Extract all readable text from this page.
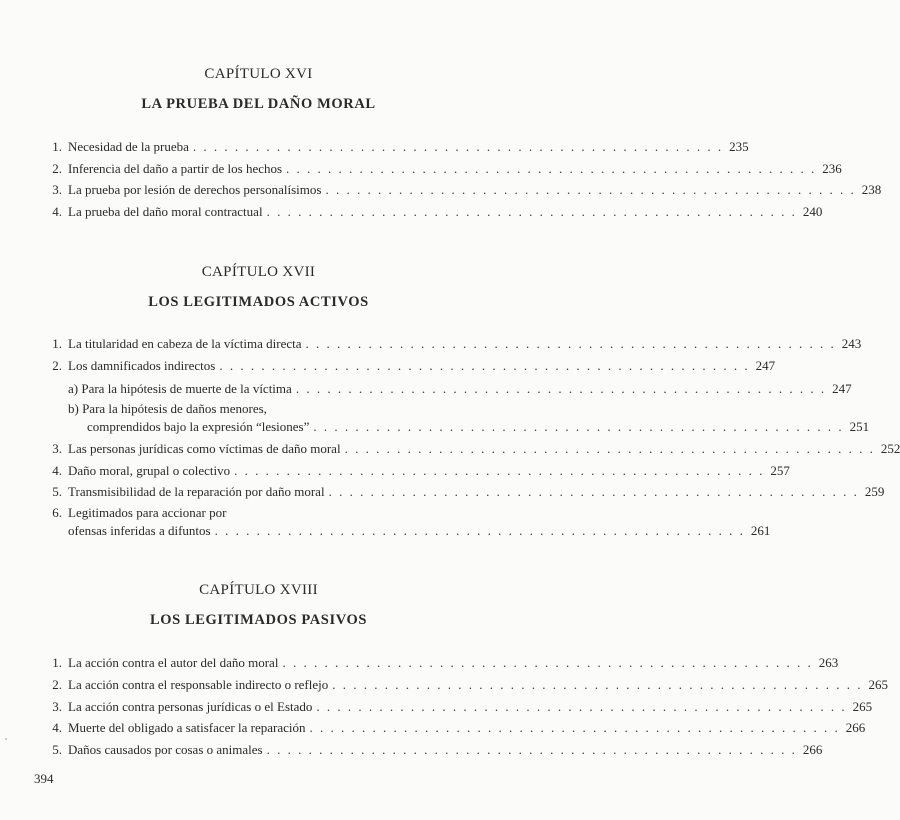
CAPÍTULO XVI
LA PRUEBA DEL DAÑO MORAL
1. Necesidad de la prueba . . . . . . . . . . . . . . . . . . . . . . . . . . . . . . . . . . . . . . . . . . . . . . . . . . . 235
2. Inferencia del daño a partir de los hechos . . . . . . . . . . . . . . . . . . . . . . . . . . . . . . . . . . . . . . . . . . . . . . . . . . . 236
3. La prueba por lesión de derechos personalísimos . . . . . . . . . . . . . . . . . . . . . . . . . . . . . . . . . . . . . . . . . . . . . . . . . . . 238
4. La prueba del daño moral contractual . . . . . . . . . . . . . . . . . . . . . . . . . . . . . . . . . . . . . . . . . . . . . . . . . . . 240
CAPÍTULO XVII
LOS LEGITIMADOS ACTIVOS
1. La titularidad en cabeza de la víctima directa . . . . . . . . . . . . . . . . . . . . . . . . . . . . . . . . . . . . . . . . . . . . . . . . . . . 243
2. Los damnificados indirectos . . . . . . . . . . . . . . . . . . . . . . . . . . . . . . . . . . . . . . . . . . . . . . . . . . . 247
a) Para la hipótesis de muerte de la víctima . . . . . . . . . . . . . . . . . . . . . . . . . . . . . . . . . . . . . . . . . . . . . . . . . . . 247
b) Para la hipótesis de daños menores,
comprendidos bajo la expresión “lesiones” . . . . . . . . . . . . . . . . . . . . . . . . . . . . . . . . . . . . . . . . . . . . . . . . . . . 251
3. Las personas jurídicas como víctimas de daño moral . . . . . . . . . . . . . . . . . . . . . . . . . . . . . . . . . . . . . . . . . . . . . . . . . . . 252
4. Daño moral, grupal o colectivo . . . . . . . . . . . . . . . . . . . . . . . . . . . . . . . . . . . . . . . . . . . . . . . . . . . 257
5. Transmisibilidad de la reparación por daño moral . . . . . . . . . . . . . . . . . . . . . . . . . . . . . . . . . . . . . . . . . . . . . . . . . . . 259
6. Legitimados para accionar por
ofensas inferidas a difuntos . . . . . . . . . . . . . . . . . . . . . . . . . . . . . . . . . . . . . . . . . . . . . . . . . . . 261
CAPÍTULO XVIII
LOS LEGITIMADOS PASIVOS
1. La acción contra el autor del daño moral . . . . . . . . . . . . . . . . . . . . . . . . . . . . . . . . . . . . . . . . . . . . . . . . . . . 263
2. La acción contra el responsable indirecto o reflejo . . . . . . . . . . . . . . . . . . . . . . . . . . . . . . . . . . . . . . . . . . . . . . . . . . . 265
3. La acción contra personas jurídicas o el Estado . . . . . . . . . . . . . . . . . . . . . . . . . . . . . . . . . . . . . . . . . . . . . . . . . . . 265
4. Muerte del obligado a satisfacer la reparación . . . . . . . . . . . . . . . . . . . . . . . . . . . . . . . . . . . . . . . . . . . . . . . . . . . 266
5. Daños causados por cosas o animales . . . . . . . . . . . . . . . . . . . . . . . . . . . . . . . . . . . . . . . . . . . . . . . . . . . 266
394
